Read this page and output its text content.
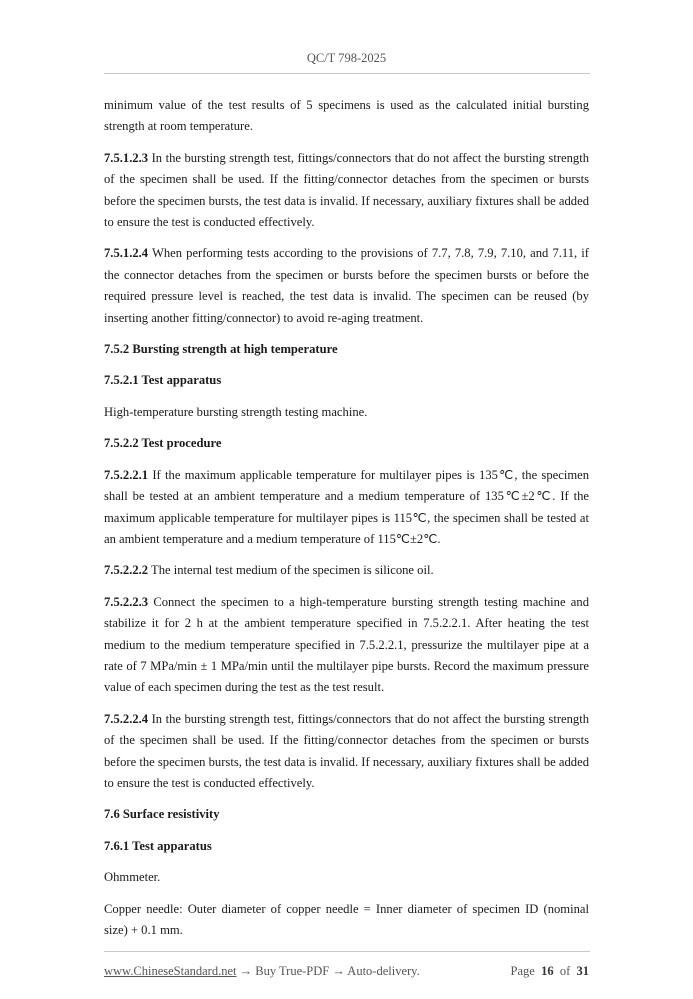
QC/T 798-2025

minimum value of the test results of 5 specimens is used as the calculated initial bursting strength at room temperature.

7.5.1.2.3 In the bursting strength test, fittings/connectors that do not affect the bursting strength of the specimen shall be used. If the fitting/connector detaches from the specimen or bursts before the specimen bursts, the test data is invalid. If necessary, auxiliary fixtures shall be added to ensure the test is conducted effectively.

7.5.1.2.4 When performing tests according to the provisions of 7.7, 7.8, 7.9, 7.10, and 7.11, if the connector detaches from the specimen or bursts before the specimen bursts or before the required pressure level is reached, the test data is invalid. The specimen can be reused (by inserting another fitting/connector) to avoid re-aging treatment.

7.5.2 Bursting strength at high temperature

7.5.2.1 Test apparatus

High-temperature bursting strength testing machine.

7.5.2.2 Test procedure

7.5.2.2.1 If the maximum applicable temperature for multilayer pipes is 135℃, the specimen shall be tested at an ambient temperature and a medium temperature of 135℃±2℃. If the maximum applicable temperature for multilayer pipes is 115℃, the specimen shall be tested at an ambient temperature and a medium temperature of 115℃±2℃.

7.5.2.2.2 The internal test medium of the specimen is silicone oil.

7.5.2.2.3 Connect the specimen to a high-temperature bursting strength testing machine and stabilize it for 2 h at the ambient temperature specified in 7.5.2.2.1. After heating the test medium to the medium temperature specified in 7.5.2.2.1, pressurize the multilayer pipe at a rate of 7 MPa/min ± 1 MPa/min until the multilayer pipe bursts. Record the maximum pressure value of each specimen during the test as the test result.

7.5.2.2.4 In the bursting strength test, fittings/connectors that do not affect the bursting strength of the specimen shall be used. If the fitting/connector detaches from the specimen or bursts before the specimen bursts, the test data is invalid. If necessary, auxiliary fixtures shall be added to ensure the test is conducted effectively.

7.6 Surface resistivity

7.6.1 Test apparatus

Ohmmeter.

Copper needle: Outer diameter of copper needle = Inner diameter of specimen ID (nominal size) + 0.1 mm.

www.ChineseStandard.net → Buy True-PDF → Auto-delivery.	Page 16 of 31
